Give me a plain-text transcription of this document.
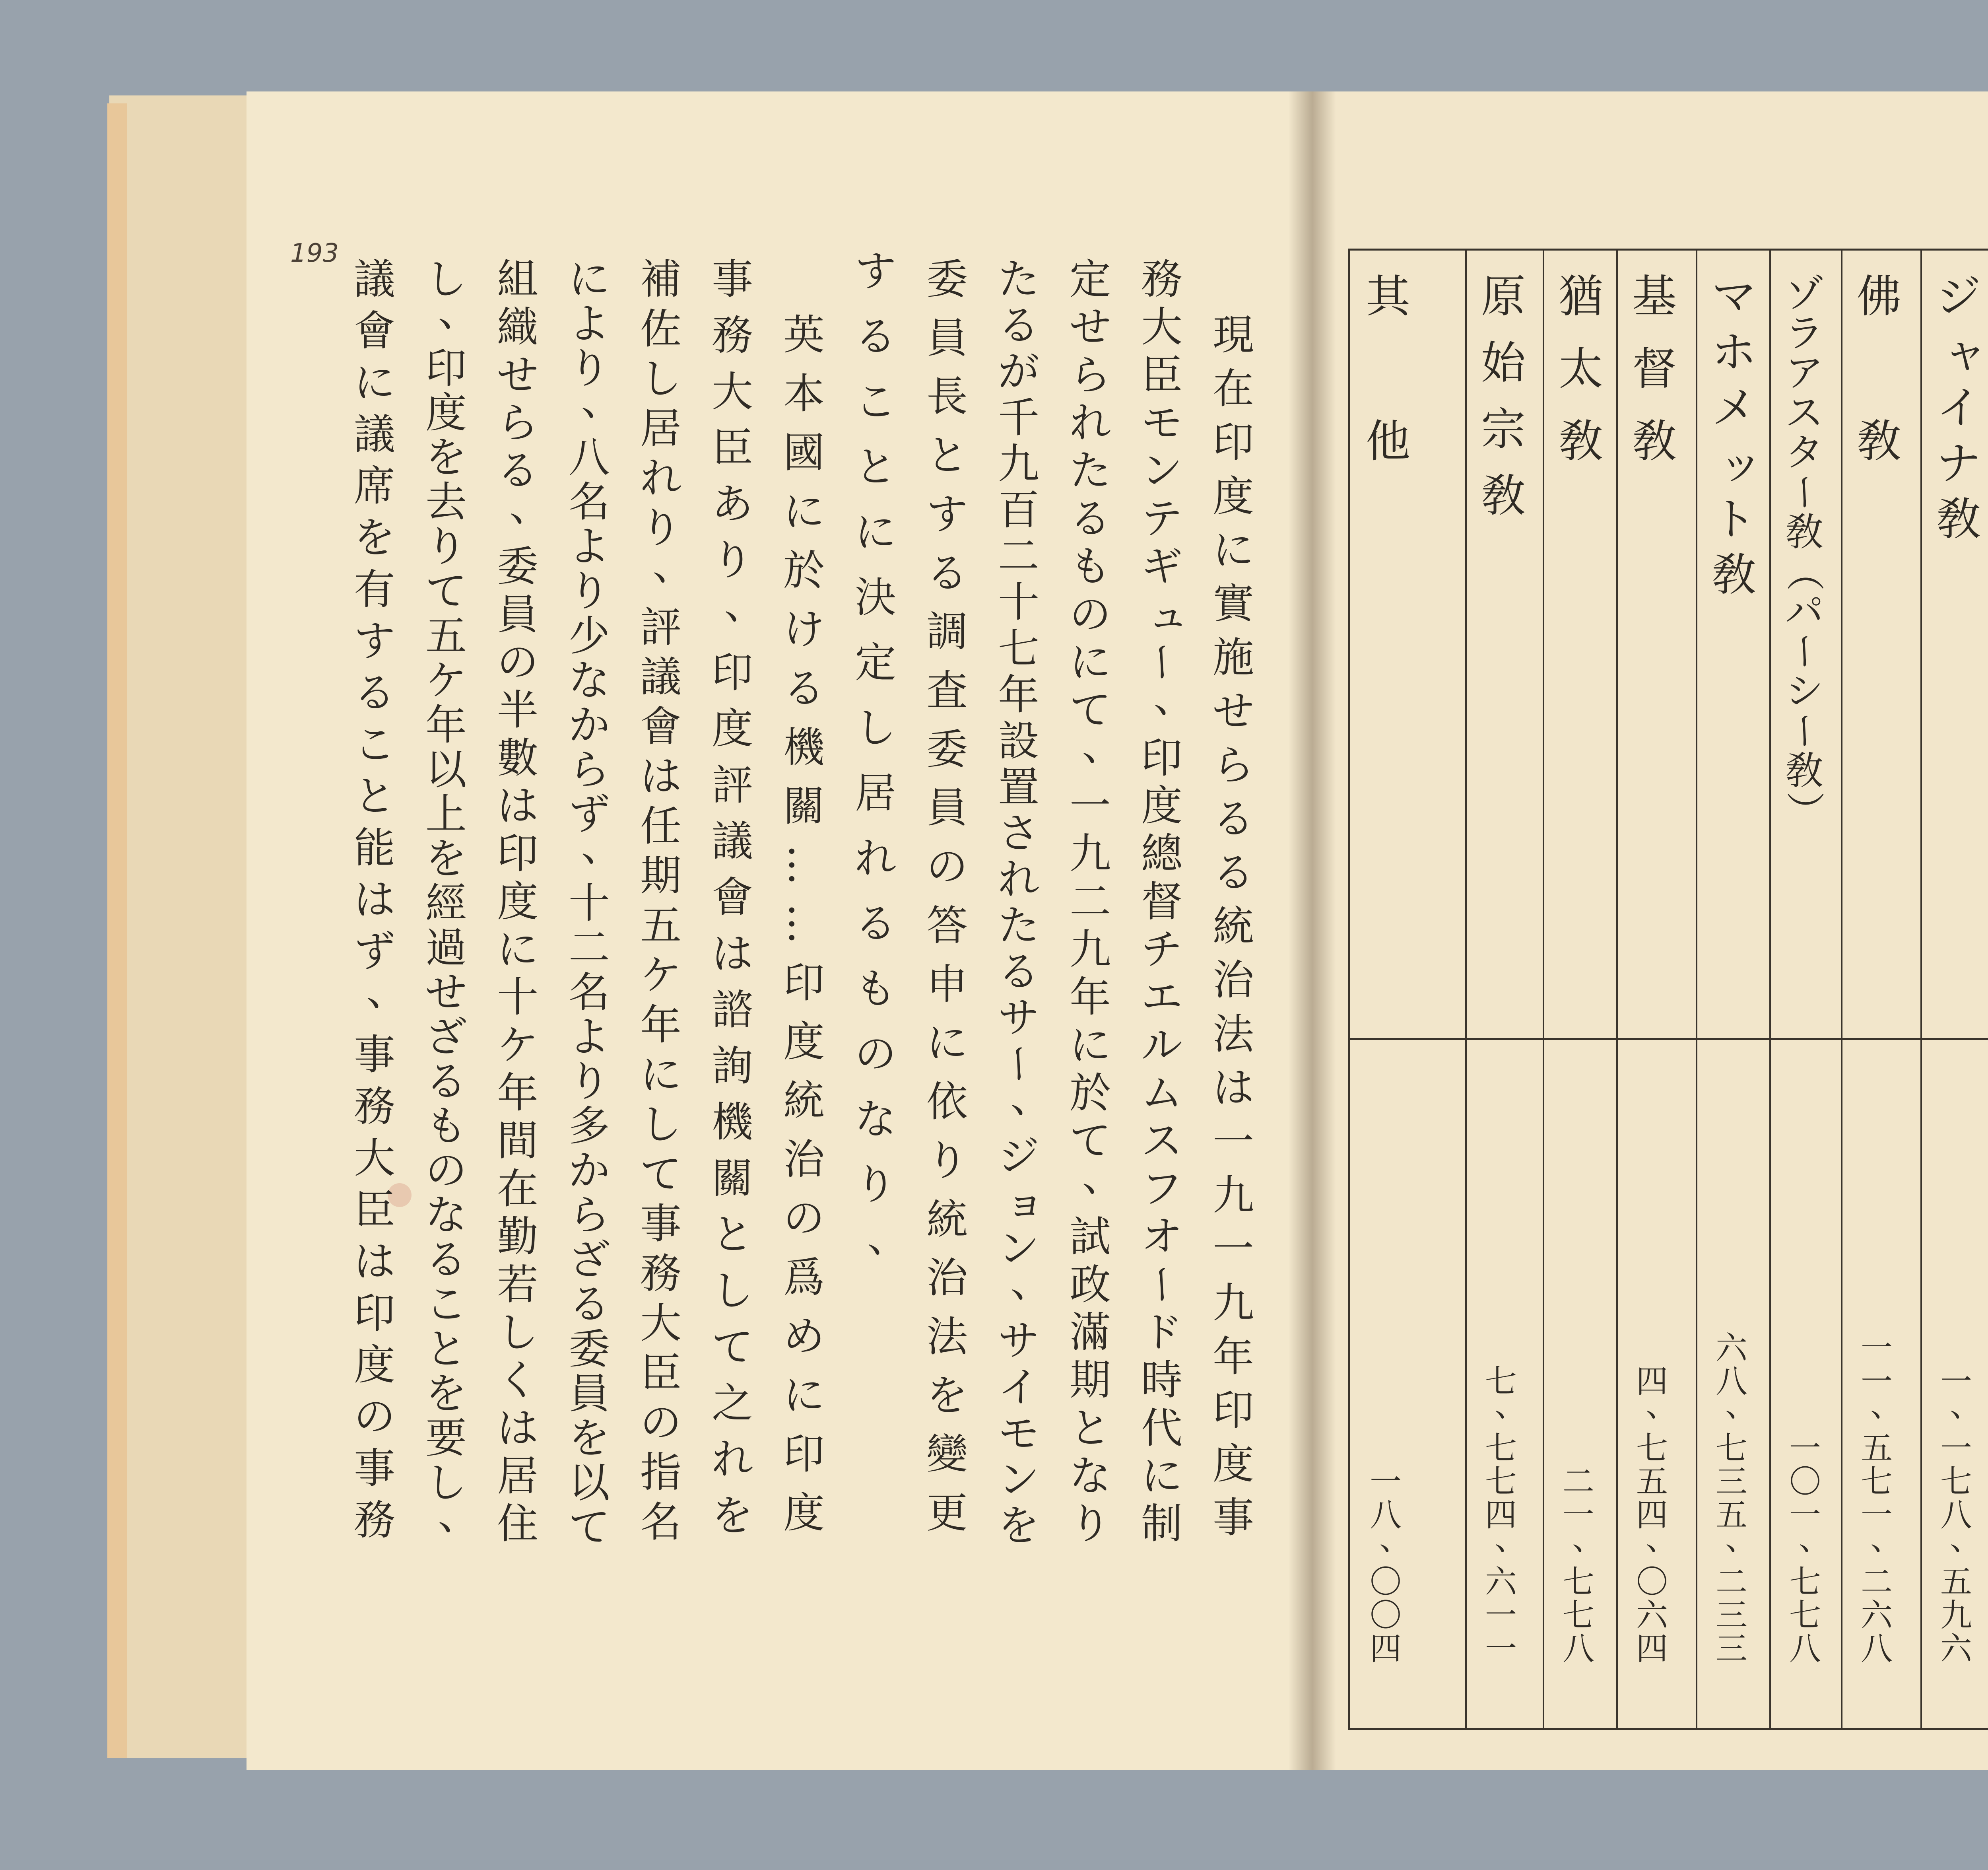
193
現
在
印
度
に
實
施
せ
ら
る
る
統
治
法
は
一
九
一
九
年
印
度
事
務
大
臣
モ
ン
テ
ギ
ュ
ー
、
印
度
總
督
チ
エ
ル
ム
ス
フ
オ
ー
ド
時
代
に
制
定
せ
ら
れ
た
る
も
の
に
て
、
一
九
二
九
年
に
於
て
、
試
政
滿
期
と
な
り
た
る
が
千
九
百
二
十
七
年
設
置
さ
れ
た
る
サ
ー
、
ジ
ョ
ン
、
サ
イ
モ
ン
を
委
員
長
と
す
る
調
査
委
員
の
答
申
に
依
り
統
治
法
を
變
更
す
る
こ
と
に
決
定
し
居
れ
る
も
の
な
り
、
英
本
國
に
於
け
る
機
關
…
…
印
度
統
治
の
爲
め
に
印
度
事
務
大
臣
あ
り
、
印
度
評
議
會
は
諮
詢
機
關
と
し
て
之
れ
を
補
佐
し
居
れ
り
、
評
議
會
は
任
期
五
ケ
年
に
し
て
事
務
大
臣
の
指
名
に
よ
り
、
八
名
よ
り
少
な
か
ら
ず
、
十
二
名
よ
り
多
か
ら
ざ
る
委
員
を
以
て
組
織
せ
ら
る
、
委
員
の
半
數
は
印
度
に
十
ケ
年
間
在
勤
若
し
く
は
居
住
し
、
印
度
を
去
り
て
五
ケ
年
以
上
を
經
過
せ
ざ
る
も
の
な
る
こ
と
を
要
し
、
議
會
に
議
席
を
有
す
る
こ
と
能
は
ず
、
事
務
大
臣
は
印
度
の
事
務

ジ
ャ
イ
ナ
敎
一
、
一
七
八
、
五
九
六
佛

敎
一
一
、
五
七
一
、
二
六
八
ゾ
ラ
ア
ス
タ
ー
敎
（
パ
ー
シ
ー
敎
）
一
〇
一
、
七
七
八
マ
ホ
メ
ッ
ト
敎
六
八
、
七
三
五
、
二
三
三
基
督
敎
四
、
七
五
四
、
〇
六
四
猶
太
敎
二
一
、
七
七
八
原
始
宗
敎
七
、
七
七
四
、
六
一
一
其

他
一
八
、
〇
〇
四
